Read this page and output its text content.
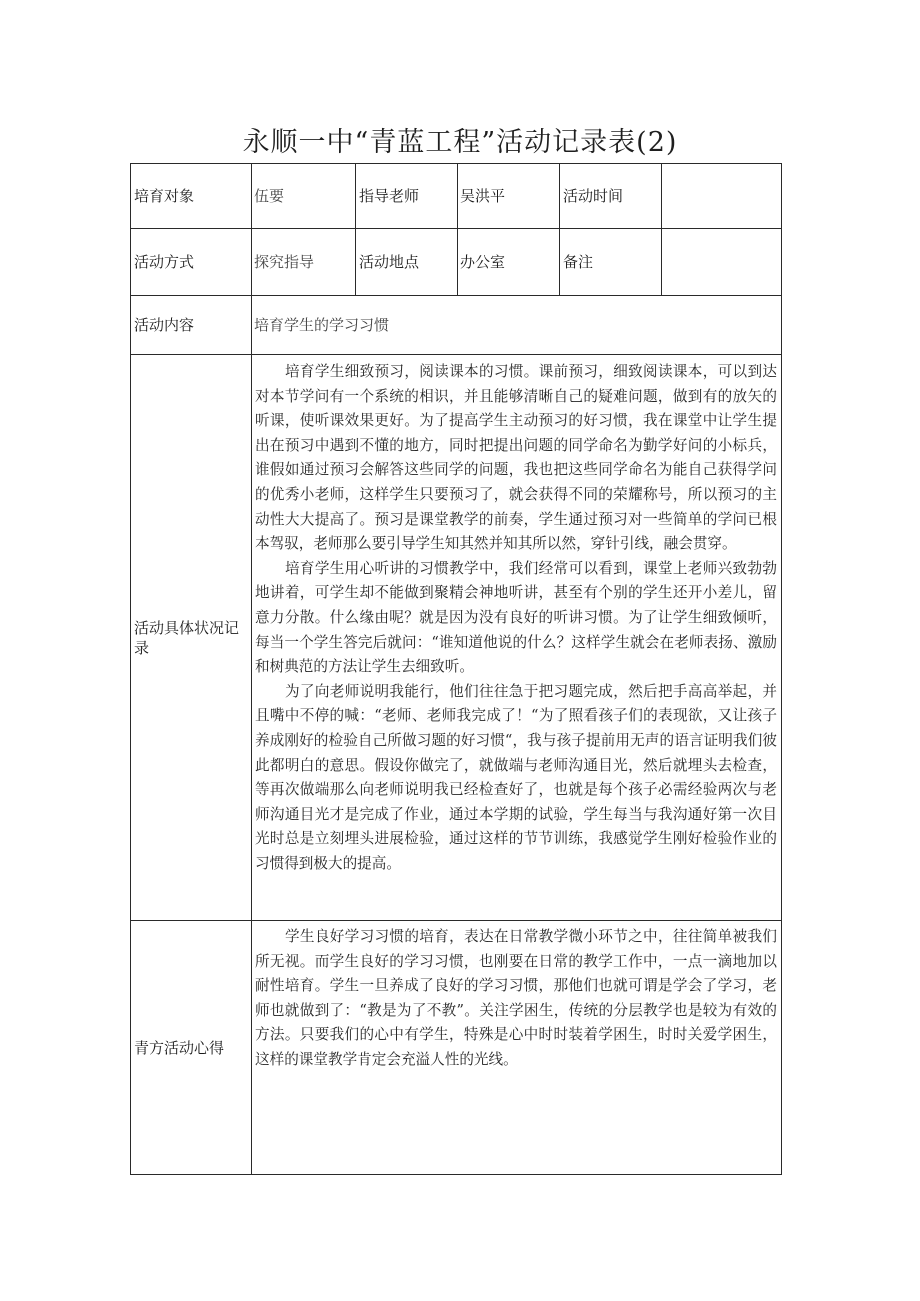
永顺一中“青蓝工程”活动记录表(2)
培育对象	伍要	指导老师	吴洪平	活动时间	
活动方式	探究指导	活动地点	办公室	备注	
活动内容	培育学生的学习习惯				
活动具体状况记录	培育学生细致预习，阅读课本的习惯。课前预习，细致阅读课本，可以到达对本节学问有一个系统的相识，并且能够清晰自己的疑难问题，做到有的放矢的听课，使听课效果更好。为了提高学生主动预习的好习惯，我在课堂中让学生提出在预习中遇到不懂的地方，同时把提出问题的同学命名为勤学好问的小标兵，谁假如通过预习会解答这些同学的问题，我也把这些同学命名为能自己获得学问的优秀小老师，这样学生只要预习了，就会获得不同的荣耀称号，所以预习的主动性大大提高了。预习是课堂教学的前奏，学生通过预习对一些简单的学问已根本驾驭，老师那么要引导学生知其然并知其所以然，穿针引线，融会贯穿。

培育学生用心听讲的习惯教学中，我们经常可以看到，课堂上老师兴致勃勃地讲着，可学生却不能做到聚精会神地听讲，甚至有个别的学生还开小差儿，留意力分散。什么缘由呢？就是因为没有良好的听讲习惯。为了让学生细致倾听，每当一个学生答完后就问：“谁知道他说的什么？这样学生就会在老师表扬、激励和树典范的方法让学生去细致听。

为了向老师说明我能行，他们往往急于把习题完成，然后把手高高举起，并且嘴中不停的喊：“老师、老师我完成了！“为了照看孩子们的表现欲，又让孩子养成刚好的检验自己所做习题的好习惯“，我与孩子提前用无声的语言证明我们彼此都明白的意思。假设你做完了，就做端与老师沟通目光，然后就埋头去检查，等再次做端那么向老师说明我已经检查好了，也就是每个孩子必需经验两次与老师沟通目光才是完成了作业，通过本学期的试验，学生每当与我沟通好第一次目光时总是立刻埋头进展检验，通过这样的节节训练，我感觉学生刚好检验作业的习惯得到极大的提高。				

青方活动心得	学生良好学习习惯的培育，表达在日常教学微小环节之中，往往简单被我们所无视。而学生良好的学习习惯，也刚要在日常的教学工作中，一点一滴地加以耐性培育。学生一旦养成了良好的学习习惯，那他们也就可谓是学会了学习，老师也就做到了：“教是为了不教”。关注学困生，传统的分层教学也是较为有效的方法。只要我们的心中有学生，特殊是心中时时装着学困生，时时关爱学困生，这样的课堂教学肯定会充溢人性的光线。				
